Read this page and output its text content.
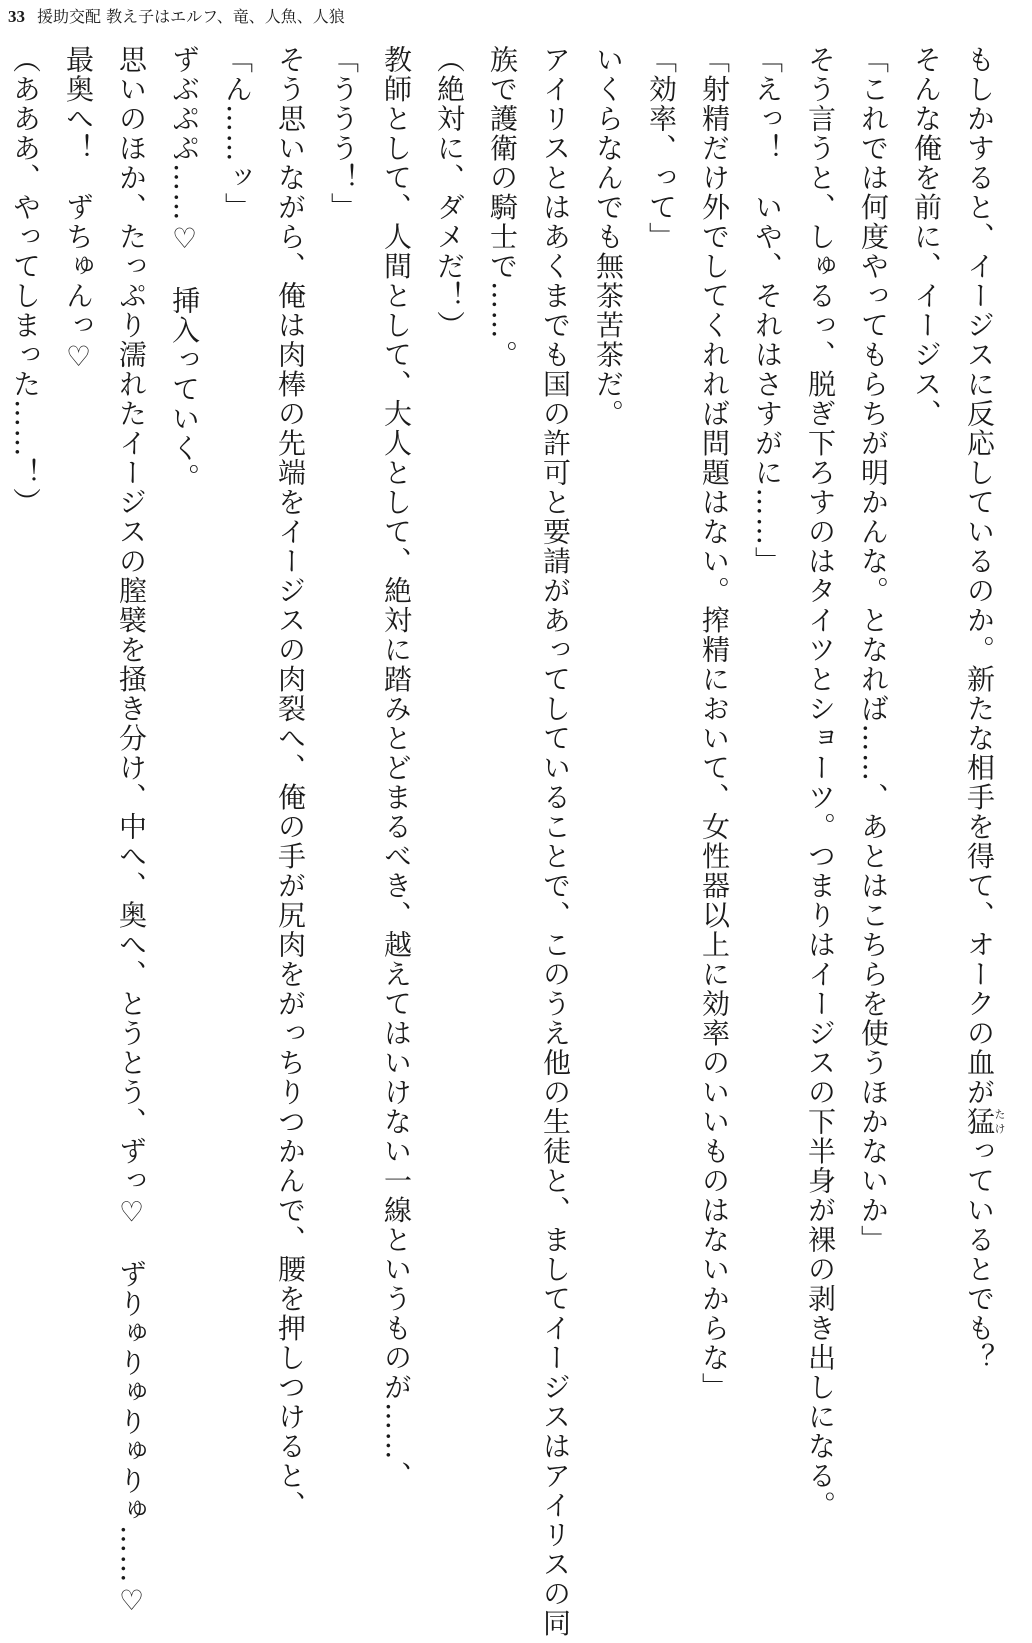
33 援助交配 教え子はエルフ、竜、人魚、人狼
もしかすると、イージスに反応しているのか。新たな相手を得て、オークの血が猛たけっているとでも？
そんな俺を前に、イージス、
「これでは何度やってもらちが明かんな。となれば……、あとはこちらを使うほかないか」
そう言うと、しゅるっ、脱ぎ下ろすのはタイツとショーツ。つまりはイージスの下半身が裸の剥き出しになる。
「えっ！　いや、それはさすがに……」
「射精だけ外でしてくれれば問題はない。搾精において、女性器以上に効率のいいものはないからな」
「効率、って」
いくらなんでも無茶苦茶だ。
アイリスとはあくまでも国の許可と要請があってしていることで、このうえ他の生徒と、ましてイージスはアイリスの同
族で護衛の騎士で……。
（絶対に、ダメだ！）
教師として、人間として、大人として、絶対に踏みとどまるべき、越えてはいけない一線というものが……、
「ううう！」
そう思いながら、俺は肉棒の先端をイージスの肉裂へ、俺の手が尻肉をがっちりつかんで、腰を押しつけると、
「ん……ッ」
ずぶぷぷ……♡　挿入っていく。
思いのほか、たっぷり濡れたイージスの膣襞を掻き分け、中へ、奥へ、とうとう、ずっ♡　ずりゅりゅりゅりゅ……♡
最奥へ！　ずちゅんっ♡
（あああ、やってしまった……！）
